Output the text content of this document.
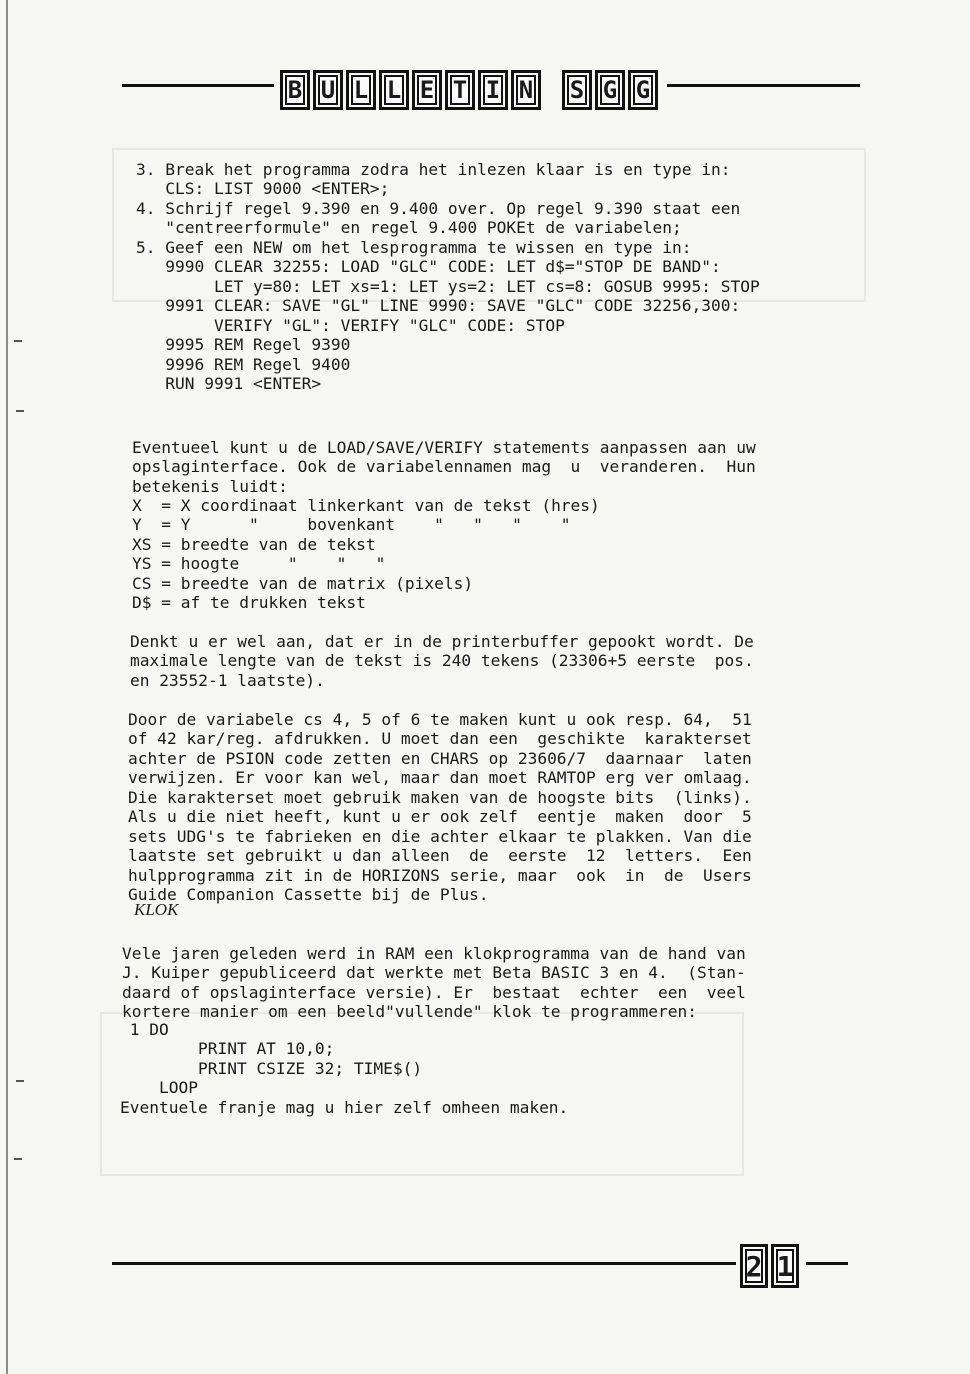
B U L L E T I N	S G G

3. Break het programma zodra het inlezen klaar is en type in:
CLS: LIST 9000 <ENTER>;
4. Schrijf regel 9.390 en 9.400 over. Op regel 9.390 staat een
"centreerformule" en regel 9.400 POKEt de variabelen;
5. Geef een NEW om het lesprogramma te wissen en type in:
9990 CLEAR 32255: LOAD "GLC" CODE: LET d$="STOP DE BAND":
LET y=80: LET xs=1: LET ys=2: LET cs=8: GOSUB 9995: STOP
9991 CLEAR: SAVE "GL" LINE 9990: SAVE "GLC" CODE 32256,300:
VERIFY "GL": VERIFY "GLC" CODE: STOP
9995 REM Regel 9390
9996 REM Regel 9400
RUN 9991 <ENTER>

Eventueel kunt u de LOAD/SAVE/VERIFY statements aanpassen aan uw
opslaginterface. Ook de variabelennamen mag  u  veranderen.  Hun
betekenis luidt:

X  = X coordinaat linkerkant van de tekst (hres)
Y  = Y      "     bovenkant    "   "   "    "
XS = breedte van de tekst
YS = hoogte     "    "   "
CS = breedte van de matrix (pixels)
D$ = af te drukken tekst

Denkt u er wel aan, dat er in de printerbuffer gepookt wordt. De
maximale lengte van de tekst is 240 tekens (23306+5 eerste  pos.
en 23552-1 laatste).

Door de variabele cs 4, 5 of 6 te maken kunt u ook resp. 64,  51
of 42 kar/reg. afdrukken. U moet dan een  geschikte  karakterset
achter de PSION code zetten en CHARS op 23606/7  daarnaar  laten
verwijzen. Er voor kan wel, maar dan moet RAMTOP erg ver omlaag.
Die karakterset moet gebruik maken van de hoogste bits  (links).
Als u die niet heeft, kunt u er ook zelf  eentje  maken  door  5
sets UDG's te fabrieken en die achter elkaar te plakken. Van die
laatste set gebruikt u dan alleen  de  eerste  12  letters.  Een
hulpprogramma zit in de HORIZONS serie, maar  ook  in  de  Users
Guide Companion Cassette bij de Plus.

KLOK

Vele jaren geleden werd in RAM een klokprogramma van de hand van
J. Kuiper gepubliceerd dat werkte met Beta BASIC 3 en 4.  (Stan-
daard of opslaginterface versie). Er  bestaat  echter  een  veel
kortere manier om een beeld"vullende" klok te programmeren:

1 DO
PRINT AT 10,0;
PRINT CSIZE 32; TIME$()
LOOP

Eventuele franje mag u hier zelf omheen maken.
2 1
